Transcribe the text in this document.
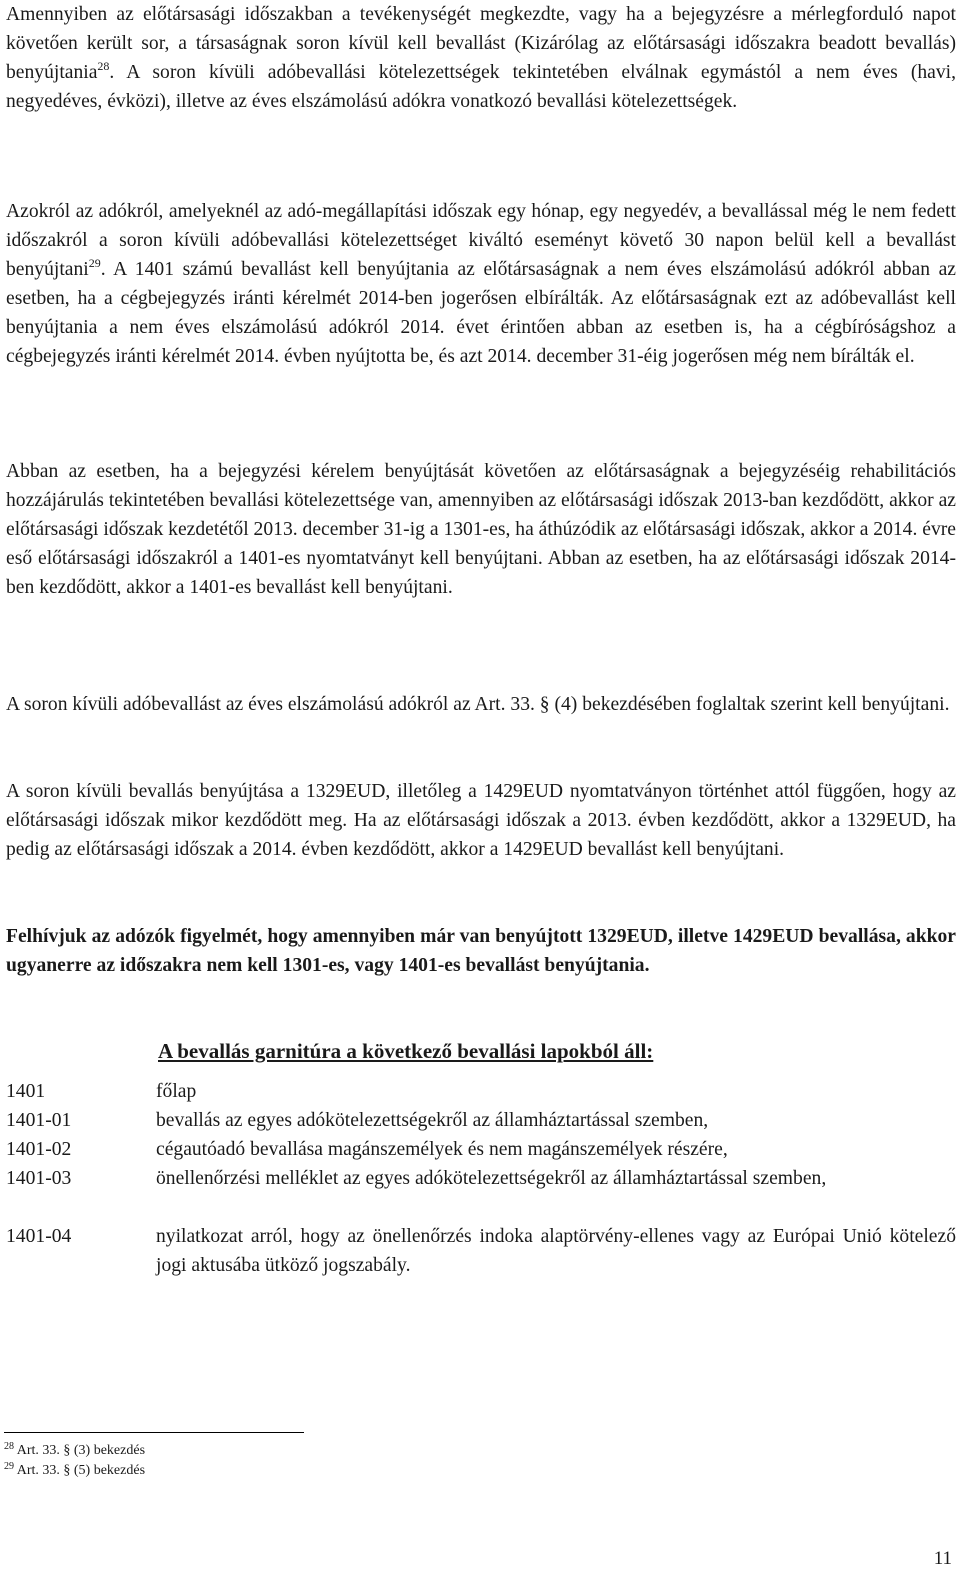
Amennyiben az előtársasági időszakban a tevékenységét megkezdte, vagy ha a bejegyzésre a mérlegforduló napot követően került sor, a társaságnak soron kívül kell bevallást (Kizárólag az előtársasági időszakra beadott bevallás) benyújtania$^{28}$. A soron kívüli adóbevallási kötelezettségek tekintetében elválnak egymástól a nem éves (havi, negyedéves, évközi), illetve az éves elszámolású adókra vonatkozó bevallási kötelezettségek.

Azokról az adókról, amelyeknél az adó-megállapítási időszak egy hónap, egy negyedév, a bevallással még le nem fedett időszakról a soron kívüli adóbevallási kötelezettséget kiváltó eseményt követő 30 napon belül kell a bevallást benyújtani$^{29}$. A 1401 számú bevallást kell benyújtania az előtársaságnak a nem éves elszámolású adókról abban az esetben, ha a cégbejegyzés iránti kérelmét 2014-ben jogerősen elbírálták. Az előtársaságnak ezt az adóbevallást kell benyújtania a nem éves elszámolású adókról 2014. évet érintően abban az esetben is, ha a cégbíróságshoz a cégbejegyzés iránti kérelmét 2014. évben nyújtotta be, és azt 2014. december 31-éig jogerősen még nem bírálták el.

Abban az esetben, ha a bejegyzési kérelem benyújtását követően az előtársaságnak a bejegyzéséig rehabilitációs hozzájárulás tekintetében bevallási kötelezettsége van, amennyiben az előtársasági időszak 2013-ban kezdődött, akkor az előtársasági időszak kezdetétől 2013. december 31-ig a 1301-es, ha áthúzódik az előtársasági időszak, akkor a 2014. évre eső előtársasági időszakról a 1401-es nyomtatványt kell benyújtani. Abban az esetben, ha az előtársasági időszak 2014-ben kezdődött, akkor a 1401-es bevallást kell benyújtani.

A soron kívüli adóbevallást az éves elszámolású adókról az Art. 33. § (4) bekezdésében foglaltak szerint kell benyújtani.

A soron kívüli bevallás benyújtása a 1329EUD, illetőleg a 1429EUD nyomtatványon történhet attól függően, hogy az előtársasági időszak mikor kezdődött meg. Ha az előtársasági időszak a 2013. évben kezdődött, akkor a 1329EUD, ha pedig az előtársasági időszak a 2014. évben kezdődött, akkor a 1429EUD bevallást kell benyújtani.

Felhívjuk az adózók figyelmét, hogy amennyiben már van benyújtott 1329EUD, illetve 1429EUD bevallása, akkor ugyanerre az időszakra nem kell 1301-es, vagy 1401-es bevallást benyújtania.

A bevallás garnitúra a következő bevallási lapokból áll:

1401	főlap
1401-01	bevallás az egyes adókötelezettségekről az államháztartással szemben,
1401-02	cégautóadó bevallása magánszemélyek és nem magánszemélyek részére,
1401-03	önellenőrzési melléklet az egyes adókötelezettségekről az államháztartással szemben,
1401-04	nyilatkozat arról, hogy az önellenőrzés indoka alaptörvény-ellenes vagy az Európai Unió kötelező jogi aktusába ütköző jogszabály.
$^{28}$ Art. 33. § (3) bekezdés
$^{29}$ Art. 33. § (5) bekezdés
11
